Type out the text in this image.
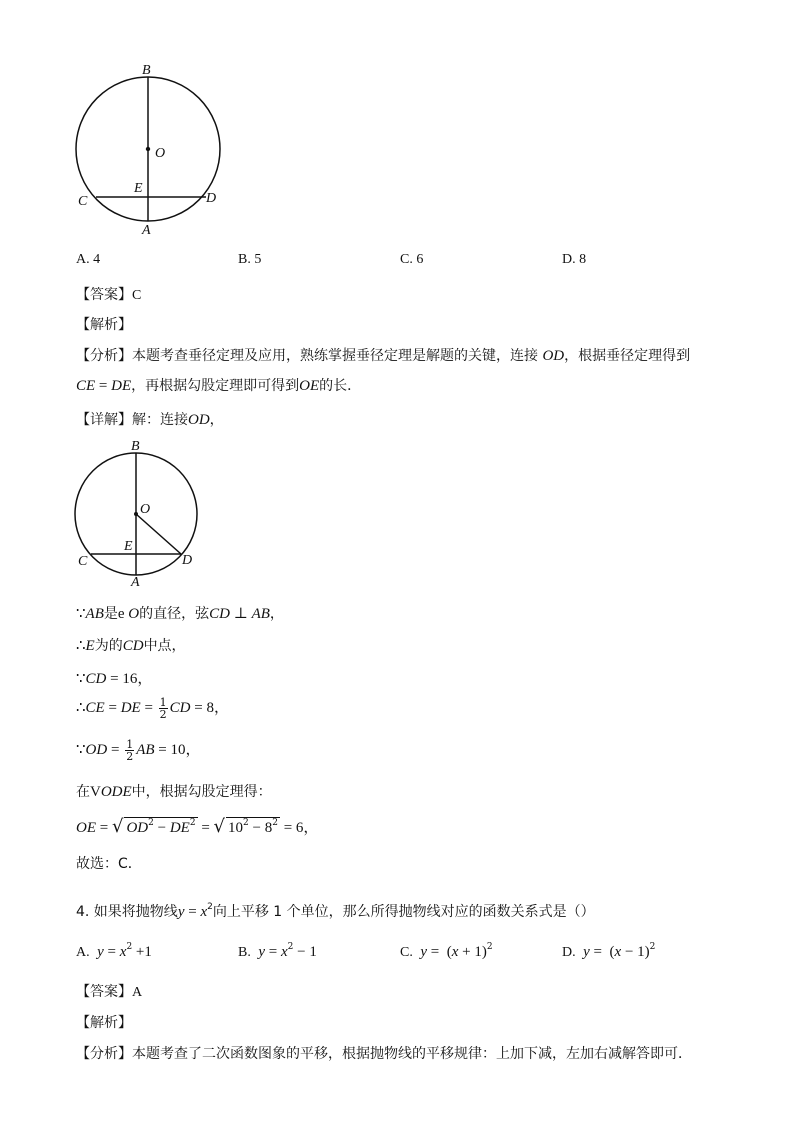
B
O
E
C	D
A
A. 4	B. 5	C. 6	D. 8
【答案】C
【解析】
【分析】本题考查垂径定理及应用，熟练掌握垂径定理是解题的关键，连接 OD，根据垂径定理得到
CE = DE，再根据勾股定理即可得到OE的长．
【详解】解：连接OD，
B
O
E
C	D
A
∵AB是e O的直径，弦CD ⊥ AB，
∴E为的CD中点，
∵CD = 16，
∴CE = DE = $\frac{1}{2}$ CD = 8，
∵OD = $\frac{1}{2}$ AB = 10，
在VODE中，根据勾股定理得：
OE = √ $OD^2 - DE^2$ = √ $10^2 - 8^2 = 6$，
故选：C．
4. 如果将抛物线$y = x^2$向上平移 1 个单位，那么所得抛物线对应的函数关系式是（）
A.  $y = x^2 +1$	B.  $y = x^2 - 1$	C.  $y = (x + 1)^2$	D.  $y = (x - 1)^2$
【答案】A
【解析】
【分析】本题考查了二次函数图象的平移，根据抛物线的平移规律：上加下减，左加右减解答即可．
